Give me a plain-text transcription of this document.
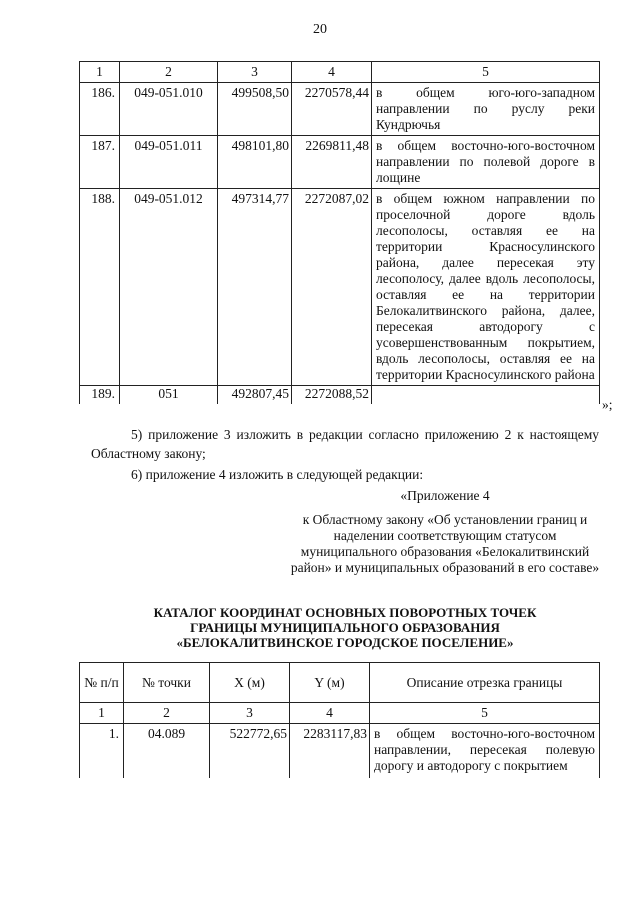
20
1	2	3	4	5
186.	049-051.010	499508,50	2270578,44	в общем юго-юго-западном направлении по руслу реки Кундрючья
187.	049-051.011	498101,80	2269811,48	в общем восточно-юго-восточном направлении по полевой дороге в лощине
188.	049-051.012	497314,77	2272087,02	в общем южном направлении по проселочной дороге вдоль лесополосы, оставляя ее на территории Красносулинского района, далее пересекая эту лесополосу, далее вдоль лесополосы, оставляя ее на территории Белокалитвинского района, далее, пересекая автодорогу с усовершенствованным покрытием, вдоль лесополосы, оставляя ее на территории Красносулинского района
189.	051	492807,45	2272088,52	
»;
5) приложение 3 изложить в редакции согласно приложению 2 к настоящему Областному закону;
6) приложение 4 изложить в следующей редакции:
«Приложение 4
к Областному закону «Об установлении границ и наделении соответствующим статусом муниципального образования «Белокалитвинский район» и муниципальных образований в его составе»
КАТАЛОГ КООРДИНАТ ОСНОВНЫХ ПОВОРОТНЫХ ТОЧЕК
ГРАНИЦЫ МУНИЦИПАЛЬНОГО ОБРАЗОВАНИЯ
«БЕЛОКАЛИТВИНСКОЕ ГОРОДСКОЕ ПОСЕЛЕНИЕ»
№ п/п	№ точки	X (м)	Y (м)	Описание отрезка границы
1	2	3	4	5
1.	04.089	522772,65	2283117,83	в общем восточно-юго-восточном направлении, пересекая полевую дорогу и автодорогу с покрытием
